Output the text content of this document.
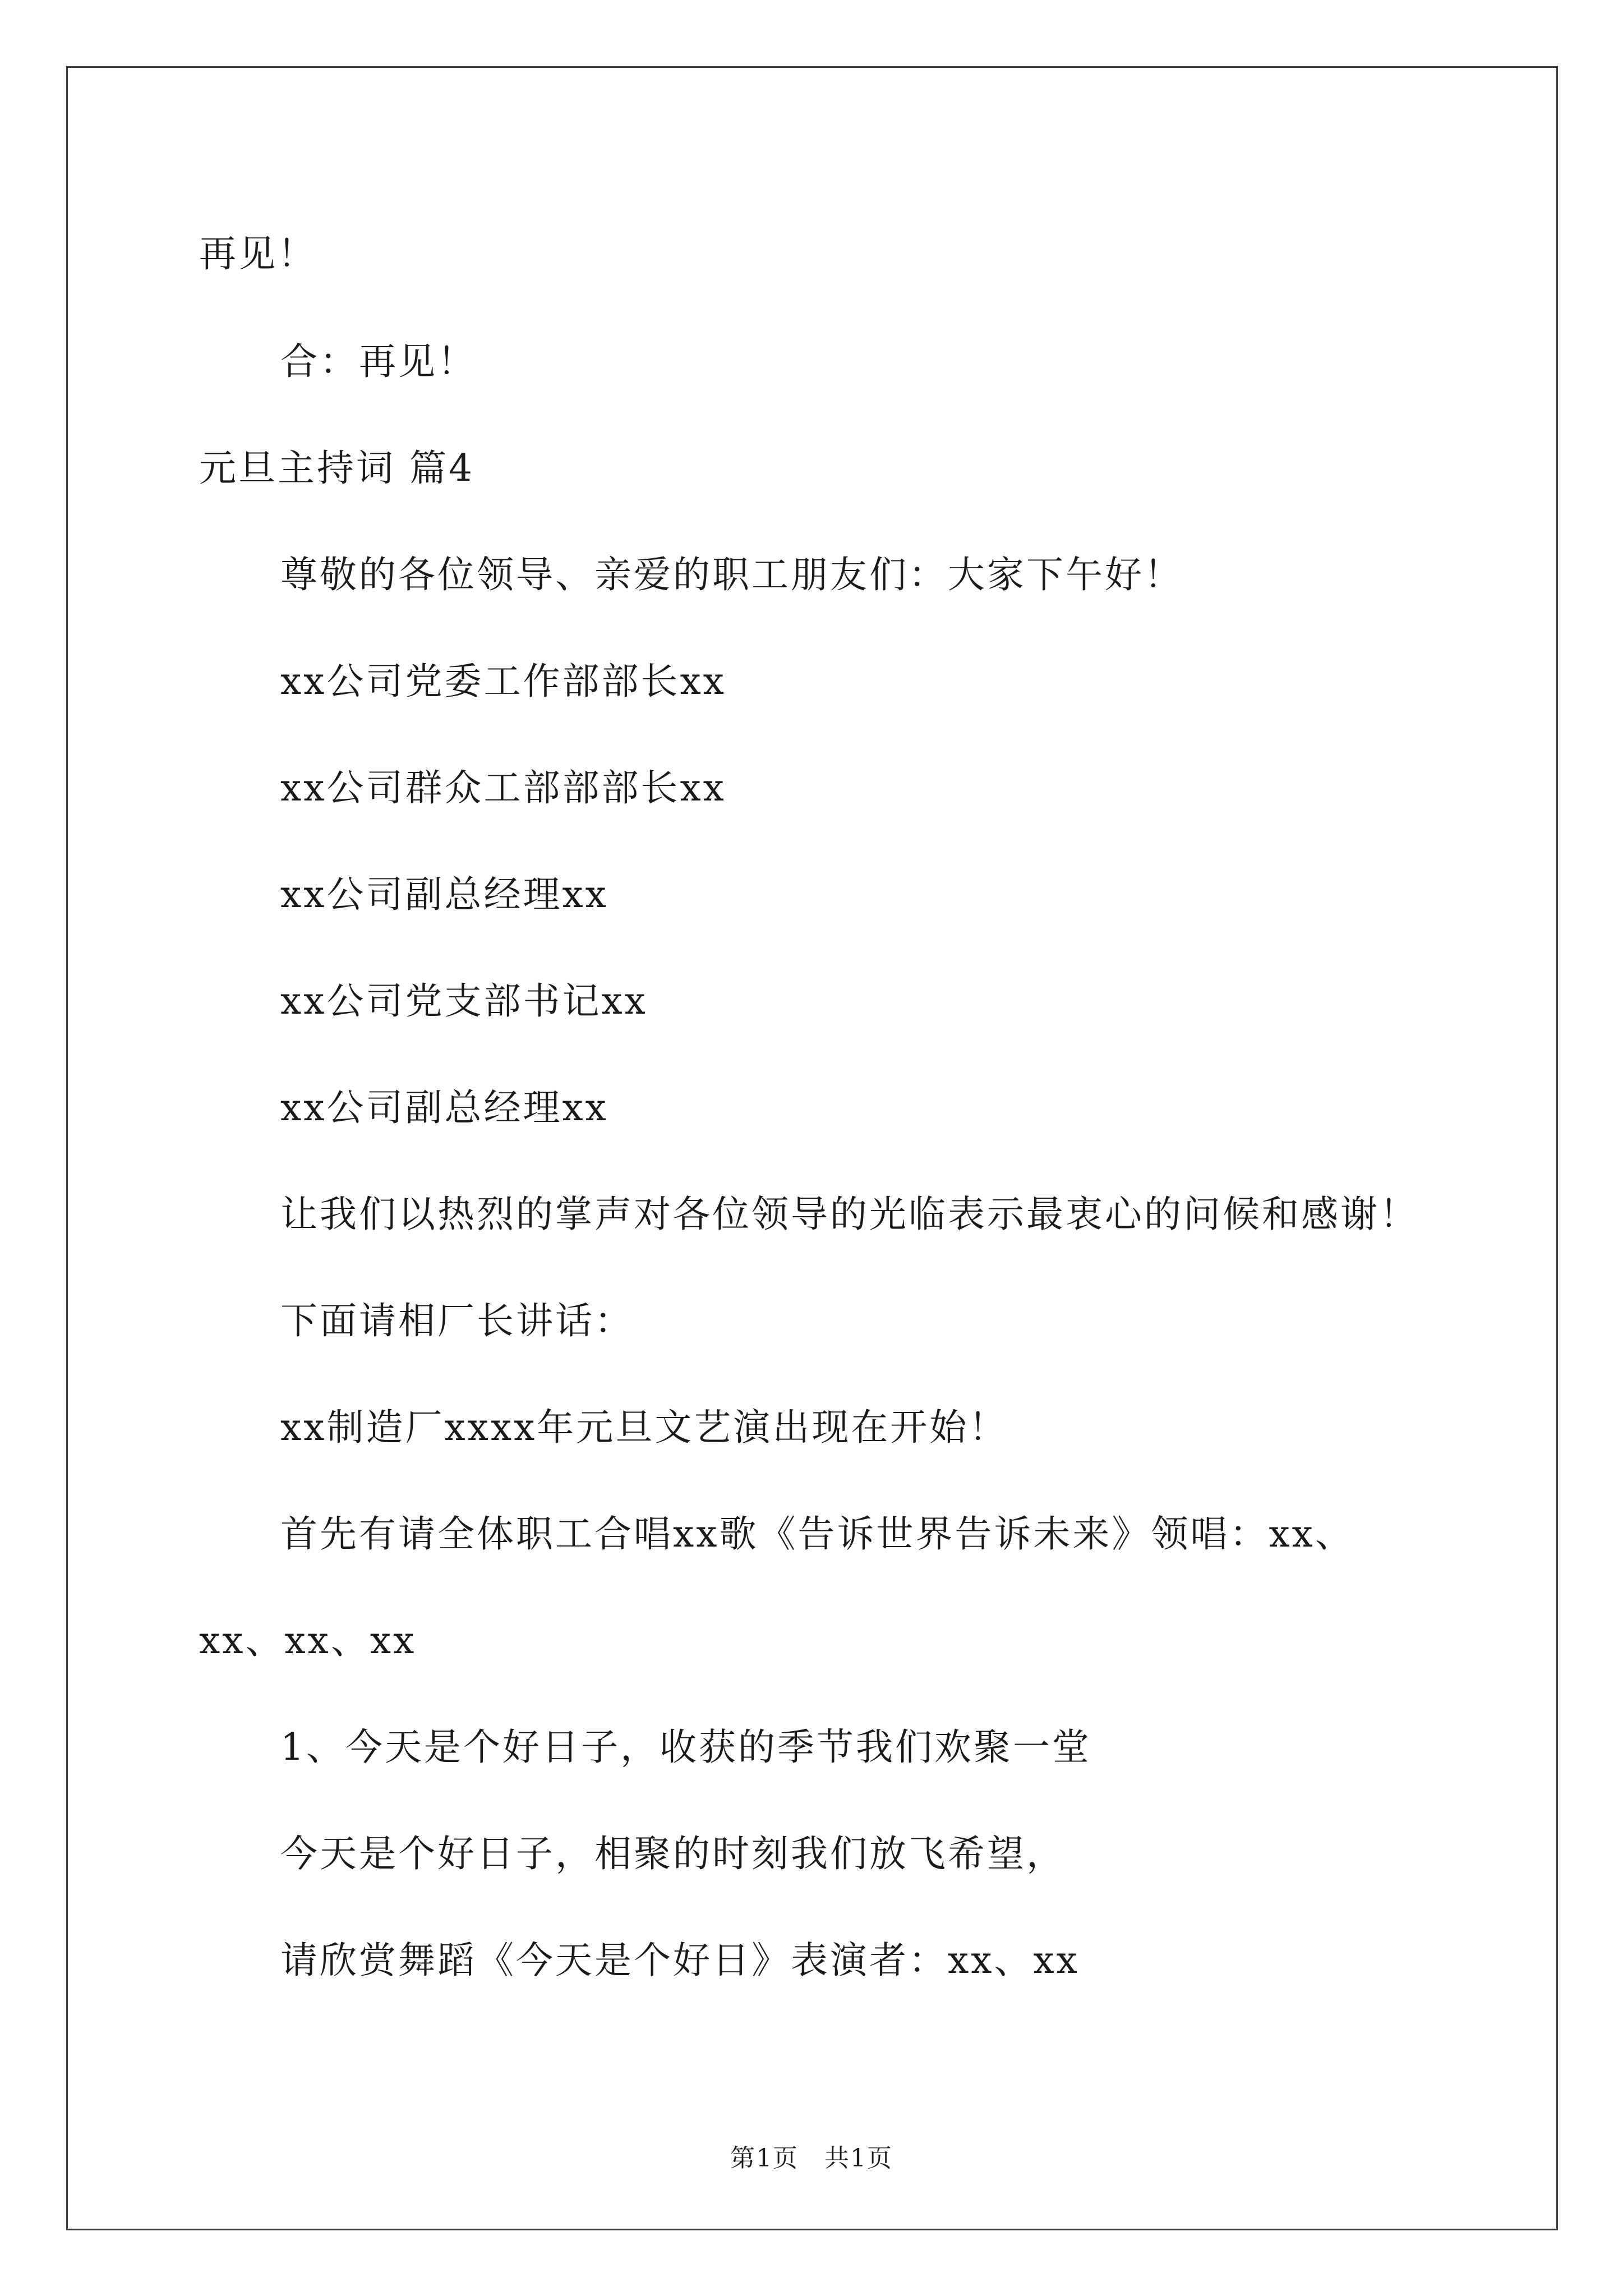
再见！
合：再见！
元旦主持词 篇4
尊敬的各位领导、亲爱的职工朋友们：大家下午好！
xx公司党委工作部部长xx
xx公司群众工部部部长xx
xx公司副总经理xx
xx公司党支部书记xx
xx公司副总经理xx
让我们以热烈的掌声对各位领导的光临表示最衷心的问候和感谢！
下面请相厂长讲话：
xx制造厂xxxx年元旦文艺演出现在开始！
首先有请全体职工合唱xx歌《告诉世界告诉未来》领唱：xx、
xx、xx、xx
1、今天是个好日子，收获的季节我们欢聚一堂
今天是个好日子，相聚的时刻我们放飞希望，
请欣赏舞蹈《今天是个好日》表演者：xx、xx
第1页 共1页
